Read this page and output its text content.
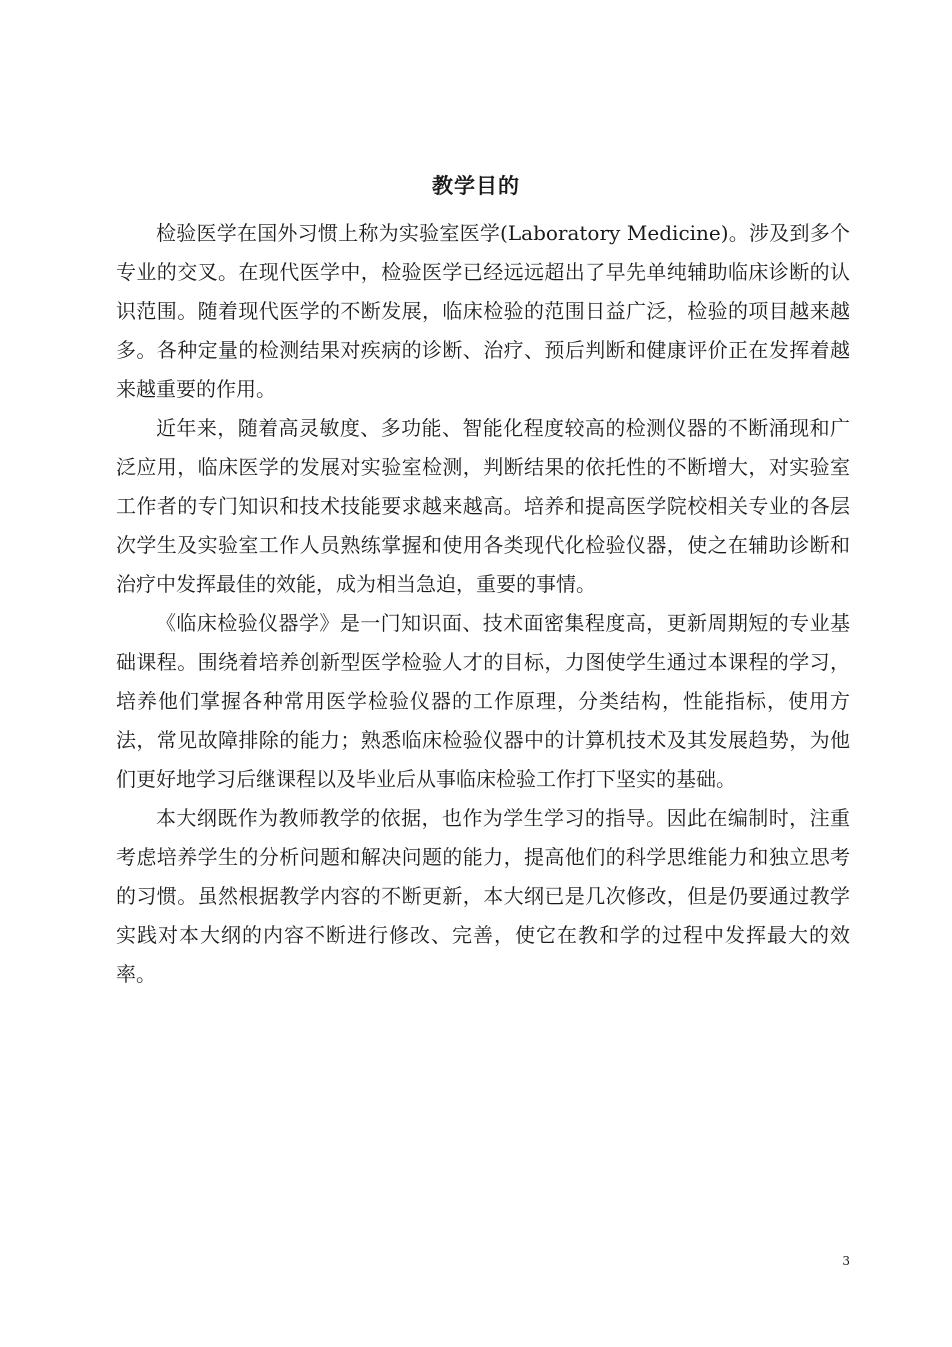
教学目的

检验医学在国外习惯上称为实验室医学(Laboratory Medicine)。涉及到多个专业的交叉。在现代医学中，检验医学已经远远超出了早先单纯辅助临床诊断的认识范围。随着现代医学的不断发展，临床检验的范围日益广泛，检验的项目越来越多。各种定量的检测结果对疾病的诊断、治疗、预后判断和健康评价正在发挥着越来越重要的作用。

近年来，随着高灵敏度、多功能、智能化程度较高的检测仪器的不断涌现和广泛应用，临床医学的发展对实验室检测，判断结果的依托性的不断增大，对实验室工作者的专门知识和技术技能要求越来越高。培养和提高医学院校相关专业的各层次学生及实验室工作人员熟练掌握和使用各类现代化检验仪器，使之在辅助诊断和治疗中发挥最佳的效能，成为相当急迫，重要的事情。

《临床检验仪器学》是一门知识面、技术面密集程度高，更新周期短的专业基础课程。围绕着培养创新型医学检验人才的目标，力图使学生通过本课程的学习，培养他们掌握各种常用医学检验仪器的工作原理，分类结构，性能指标，使用方法，常见故障排除的能力；熟悉临床检验仪器中的计算机技术及其发展趋势，为他们更好地学习后继课程以及毕业后从事临床检验工作打下坚实的基础。

本大纲既作为教师教学的依据，也作为学生学习的指导。因此在编制时，注重考虑培养学生的分析问题和解决问题的能力，提高他们的科学思维能力和独立思考的习惯。虽然根据教学内容的不断更新，本大纲已是几次修改，但是仍要通过教学实践对本大纲的内容不断进行修改、完善，使它在教和学的过程中发挥最大的效率。

3
